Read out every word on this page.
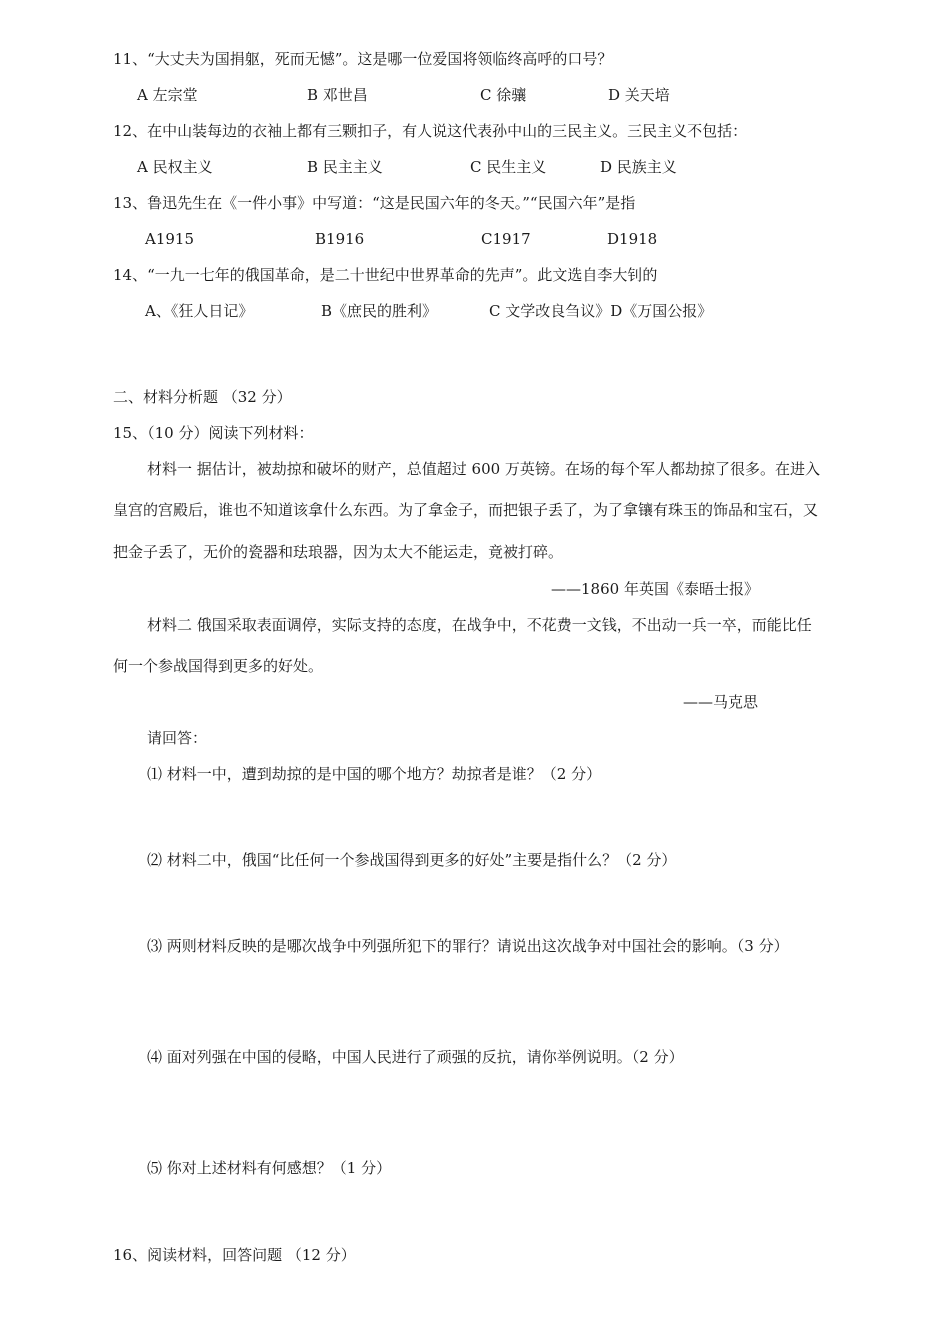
11、“大丈夫为国捐躯，死而无憾”。这是哪一位爱国将领临终高呼的口号？
A 左宗堂	B 邓世昌	C 徐骧	D 关天培
12、在中山装每边的衣袖上都有三颗扣子，有人说这代表孙中山的三民主义。三民主义不包括：
A 民权主义	B 民主主义	C 民生主义	D 民族主义
13、鲁迅先生在《一件小事》中写道：“这是民国六年的冬天。”“民国六年”是指
A1915	B1916	C1917	D1918
14、“一九一七年的俄国革命，是二十世纪中世界革命的先声”。此文选自李大钊的
A、《狂人日记》	B《庶民的胜利》	C 文学改良刍议》D《万国公报》
二、材料分析题 （32 分）
15、（10 分）阅读下列材料：
材料一 据估计，被劫掠和破坏的财产，总值超过 600 万英镑。在场的每个军人都劫掠了很多。在进入
皇宫的宫殿后，谁也不知道该拿什么东西。为了拿金子，而把银子丢了，为了拿镶有珠玉的饰品和宝石，又
把金子丢了，无价的瓷器和珐琅器，因为太大不能运走，竟被打碎。
——1860 年英国《泰晤士报》
材料二 俄国采取表面调停，实际支持的态度，在战争中，不花费一文钱，不出动一兵一卒，而能比任
何一个参战国得到更多的好处。
——马克思
请回答：
⑴ 材料一中，遭到劫掠的是中国的哪个地方？劫掠者是谁？（2 分）
⑵ 材料二中，俄国“比任何一个参战国得到更多的好处”主要是指什么？（2 分）
⑶ 两则材料反映的是哪次战争中列强所犯下的罪行？请说出这次战争对中国社会的影响。（3 分）
⑷ 面对列强在中国的侵略，中国人民进行了顽强的反抗，请你举例说明。（2 分）
⑸ 你对上述材料有何感想？（1 分）
16、阅读材料，回答问题 （12 分）
